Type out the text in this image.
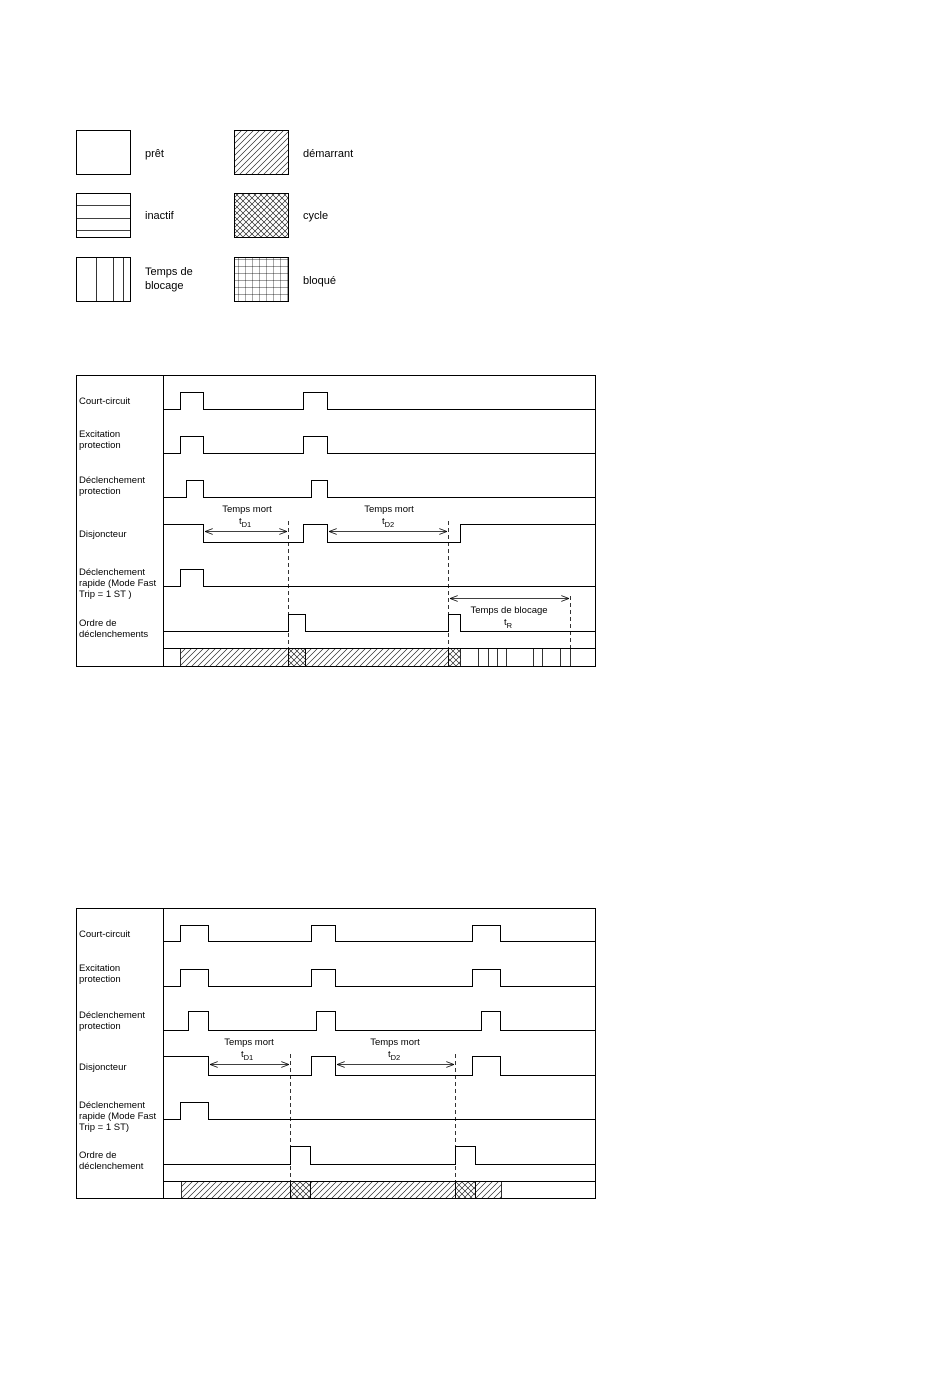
prêt	démarrant
inactif	cycle
Temps de blocage	bloqué
Court-circuit
Excitation protection
Déclenchement protection
Disjoncteur
Déclenchement rapide (Mode Fast Trip = 1 ST )
Ordre de déclenchements
Temps mort
$t_{D1}$
Temps mort
$t_{D2}$
Temps de blocage
$t_R$
Court-circuit
Excitation protection
Déclenchement protection
Disjoncteur
Déclenchement rapide (Mode Fast Trip = 1 ST)
Ordre de déclenchement
Temps mort
$t_{D1}$
Temps mort
$t_{D2}$
